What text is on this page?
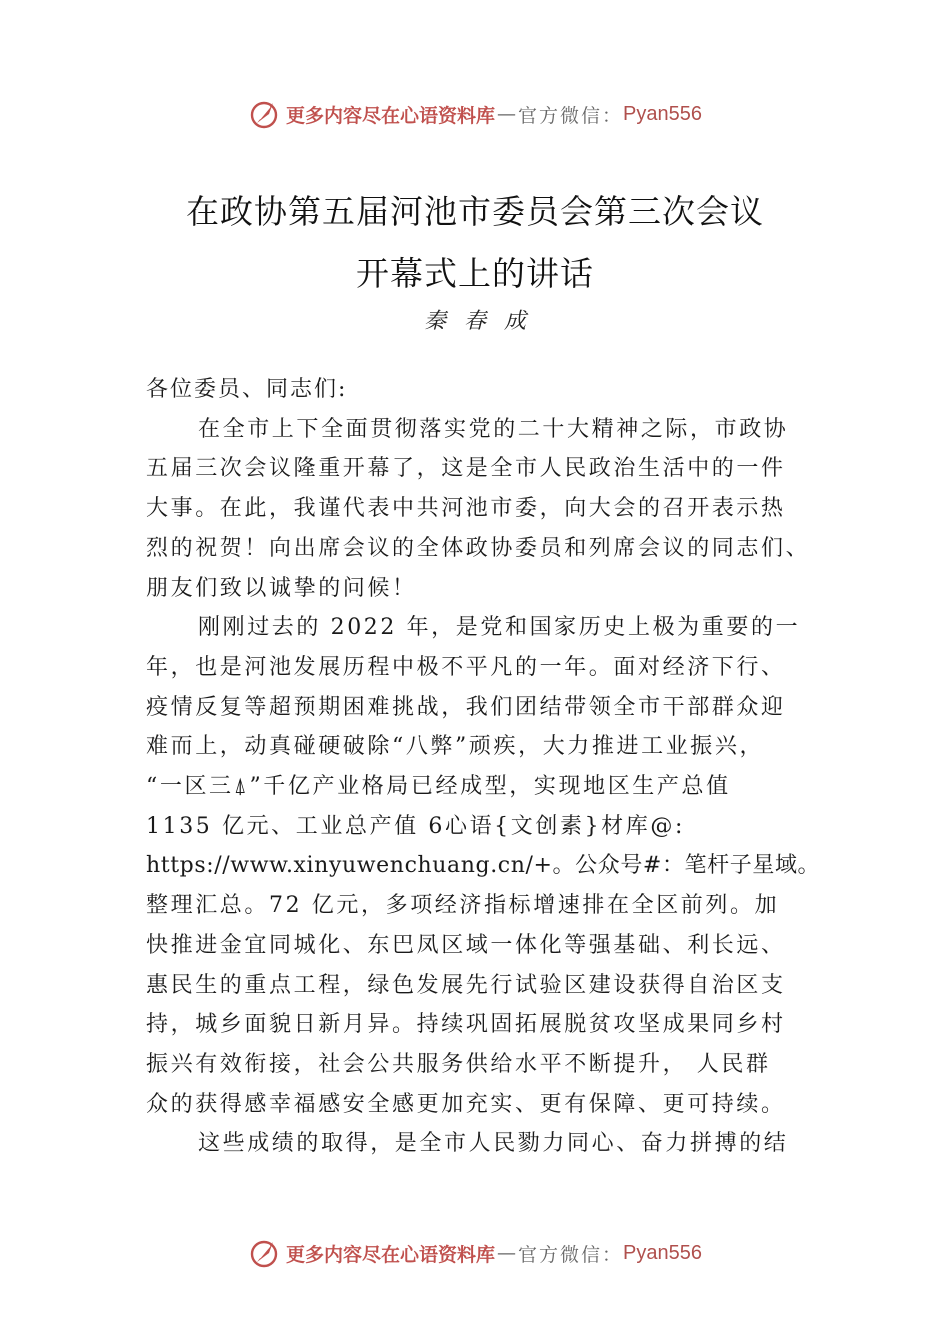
更多内容尽在心语资料库 — 官方微信： Pyan556
在政协第五届河池市委员会第三次会议
开幕式上的讲话
秦春成

各位委员、同志们:

在全市上下全面贯彻落实党的二十大精神之际，市政协
五届三次会议隆重开幕了，这是全市人民政治生活中的一件
大事。在此，我谨代表中共河池市委，向大会的召开表示热
烈的祝贺！向出席会议的全体政协委员和列席会议的同志们、
朋友们致以诚挚的问候！
刚刚过去的 2022 年，是党和国家历史上极为重要的一
年，也是河池发展历程中极不平凡的一年。面对经济下行、
疫情反复等超预期困难挑战，我们团结带领全市干部群众迎
难而上，动真碰硬破除“八弊”顽疾，大力推进工业振兴，
“一区三⍋”千亿产业格局已经成型，实现地区生产总值
1135 亿元、工业总产值 6心语{文创素}材库@:
https://www.xinyuwenchuang.cn/+。公众号#：笔杆子星域。
整理汇总。72 亿元，多项经济指标增速排在全区前列。加
快推进金宜同城化、东巴凤区域一体化等强基础、利长远、
惠民生的重点工程，绿色发展先行试验区建设获得自治区支
持，城乡面貌日新月异。持续巩固拓展脱贫攻坚成果同乡村
振兴有效衔接，社会公共服务供给水平不断提升， 人民群
众的获得感幸福感安全感更加充实、更有保障、更可持续。
这些成绩的取得，是全市人民勠力同心、奋力拼搏的结
更多内容尽在心语资料库 — 官方微信： Pyan556
